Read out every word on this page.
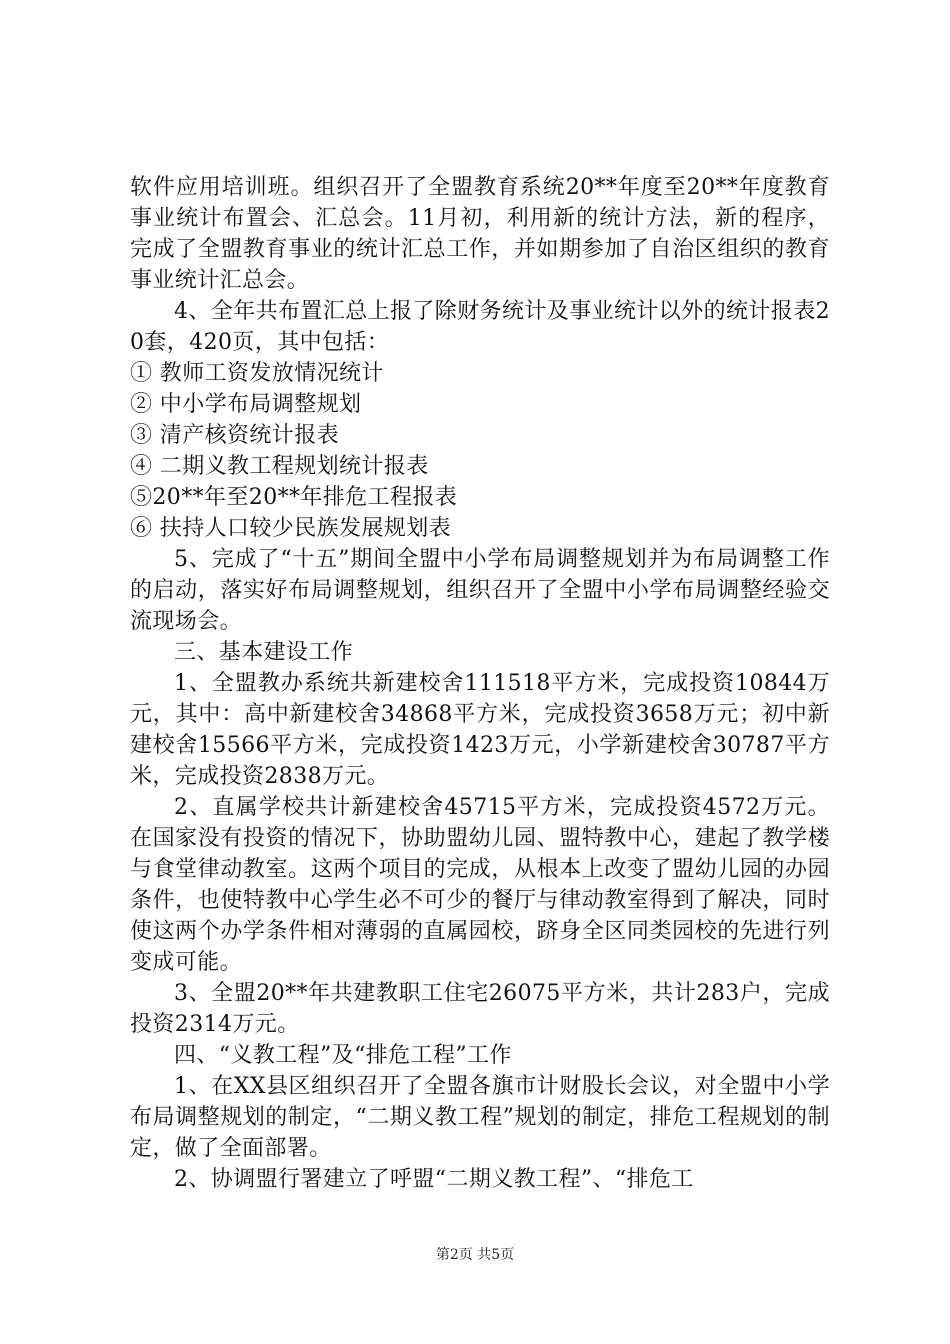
软件应用培训班。组织召开了全盟教育系统20**年度至20**年度教育事业统计布置会、汇总会。11月初，利用新的统计方法，新的程序，完成了全盟教育事业的统计汇总工作，并如期参加了自治区组织的教育事业统计汇总会。

4、全年共布置汇总上报了除财务统计及事业统计以外的统计报表20套，420页，其中包括：

① 教师工资发放情况统计

② 中小学布局调整规划

③ 清产核资统计报表

④ 二期义教工程规划统计报表

⑤20**年至20**年排危工程报表

⑥ 扶持人口较少民族发展规划表

5、完成了“十五”期间全盟中小学布局调整规划并为布局调整工作的启动，落实好布局调整规划，组织召开了全盟中小学布局调整经验交流现场会。

三、基本建设工作

1、全盟教办系统共新建校舍111518平方米，完成投资10844万元，其中：高中新建校舍34868平方米，完成投资3658万元；初中新建校舍15566平方米，完成投资1423万元，小学新建校舍30787平方米，完成投资2838万元。

2、直属学校共计新建校舍45715平方米，完成投资4572万元。在国家没有投资的情况下，协助盟幼儿园、盟特教中心，建起了教学楼与食堂律动教室。这两个项目的完成，从根本上改变了盟幼儿园的办园条件，也使特教中心学生必不可少的餐厅与律动教室得到了解决，同时使这两个办学条件相对薄弱的直属园校，跻身全区同类园校的先进行列变成可能。

3、全盟20**年共建教职工住宅26075平方米，共计283户，完成投资2314万元。

四、“义教工程”及“排危工程”工作

1、在XX县区组织召开了全盟各旗市计财股长会议，对全盟中小学布局调整规划的制定，“二期义教工程”规划的制定，排危工程规划的制定，做了全面部署。

2、协调盟行署建立了呼盟“二期义教工程”、“排危工

第2页 共5页
